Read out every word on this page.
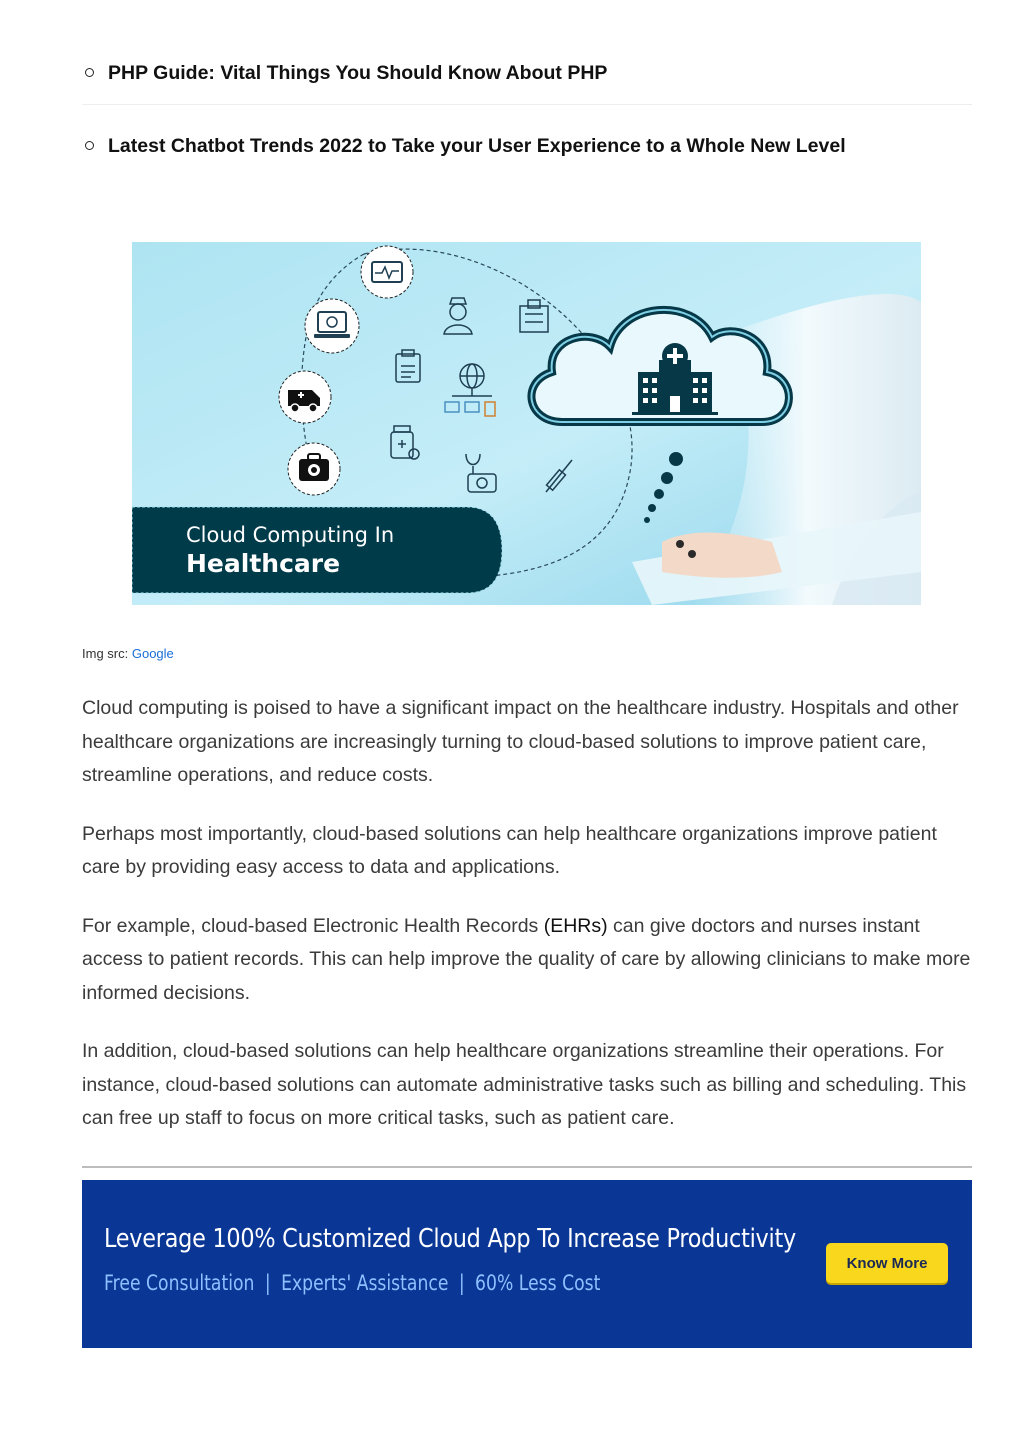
PHP Guide: Vital Things You Should Know About PHP
Latest Chatbot Trends 2022 to Take your User Experience to a Whole New Level
Cloud Computing In
Healthcare
Img src: Google

Cloud computing is poised to have a significant impact on the healthcare industry. Hospitals and other healthcare organizations are increasingly turning to cloud-based solutions to improve patient care, streamline operations, and reduce costs.

Perhaps most importantly, cloud-based solutions can help healthcare organizations improve patient care by providing easy access to data and applications.

For example, cloud-based Electronic Health Records (EHRs) can give doctors and nurses instant access to patient records. This can help improve the quality of care by allowing clinicians to make more informed decisions.

In addition, cloud-based solutions can help healthcare organizations streamline their operations. For instance, cloud-based solutions can automate administrative tasks such as billing and scheduling. This can free up staff to focus on more critical tasks, such as patient care.

Leverage 100% Customized Cloud App To Increase Productivity
Free Consultation | Experts' Assistance | 60% Less Cost
Know More
